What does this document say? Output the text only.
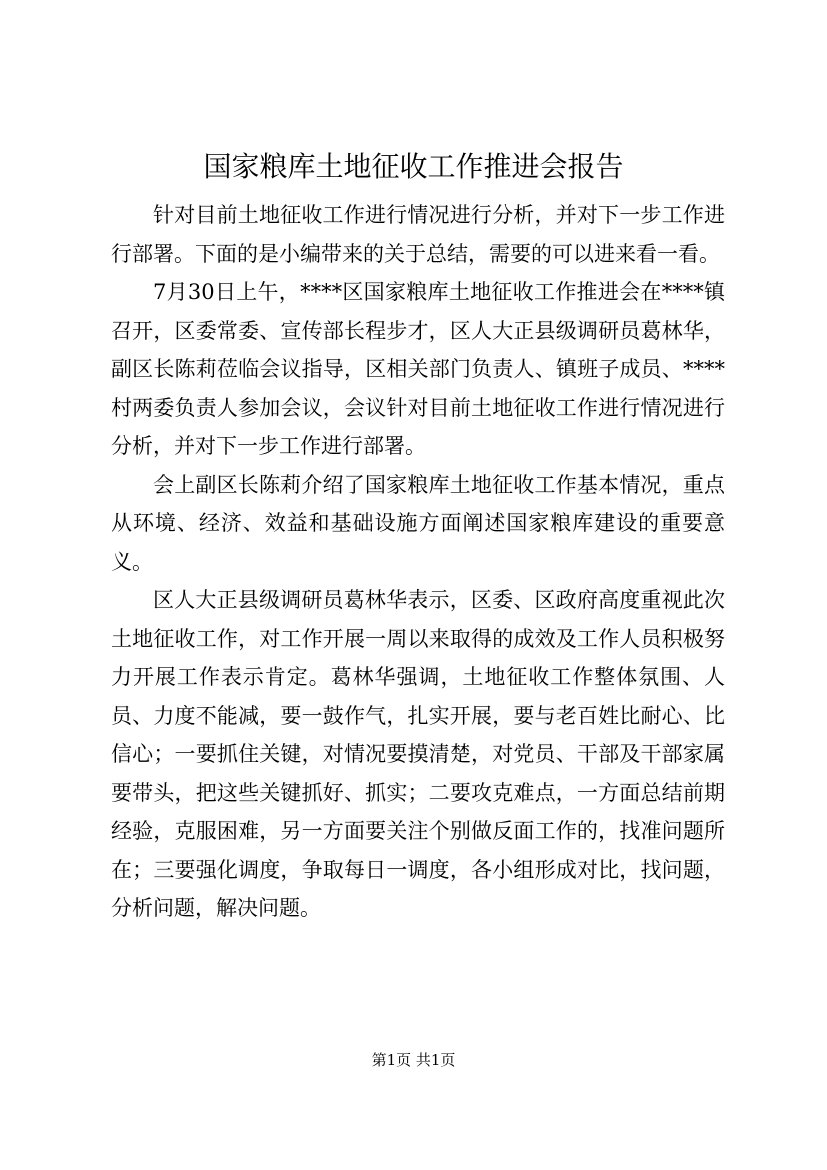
国家粮库土地征收工作推进会报告

针对目前土地征收工作进行情况进行分析，并对下一步工作进行部署。下面的是小编带来的关于总结，需要的可以进来看一看。

7月30日上午，****区国家粮库土地征收工作推进会在****镇召开，区委常委、宣传部长程步才，区人大正县级调研员葛林华，副区长陈莉莅临会议指导，区相关部门负责人、镇班子成员、****村两委负责人参加会议，会议针对目前土地征收工作进行情况进行分析，并对下一步工作进行部署。

会上副区长陈莉介绍了国家粮库土地征收工作基本情况，重点从环境、经济、效益和基础设施方面阐述国家粮库建设的重要意义。

区人大正县级调研员葛林华表示，区委、区政府高度重视此次土地征收工作，对工作开展一周以来取得的成效及工作人员积极努力开展工作表示肯定。葛林华强调，土地征收工作整体氛围、人员、力度不能减，要一鼓作气，扎实开展，要与老百姓比耐心、比信心；一要抓住关键，对情况要摸清楚，对党员、干部及干部家属要带头，把这些关键抓好、抓实；二要攻克难点，一方面总结前期经验，克服困难，另一方面要关注个别做反面工作的，找准问题所在；三要强化调度，争取每日一调度，各小组形成对比，找问题，分析问题，解决问题。

第1页 共1页
